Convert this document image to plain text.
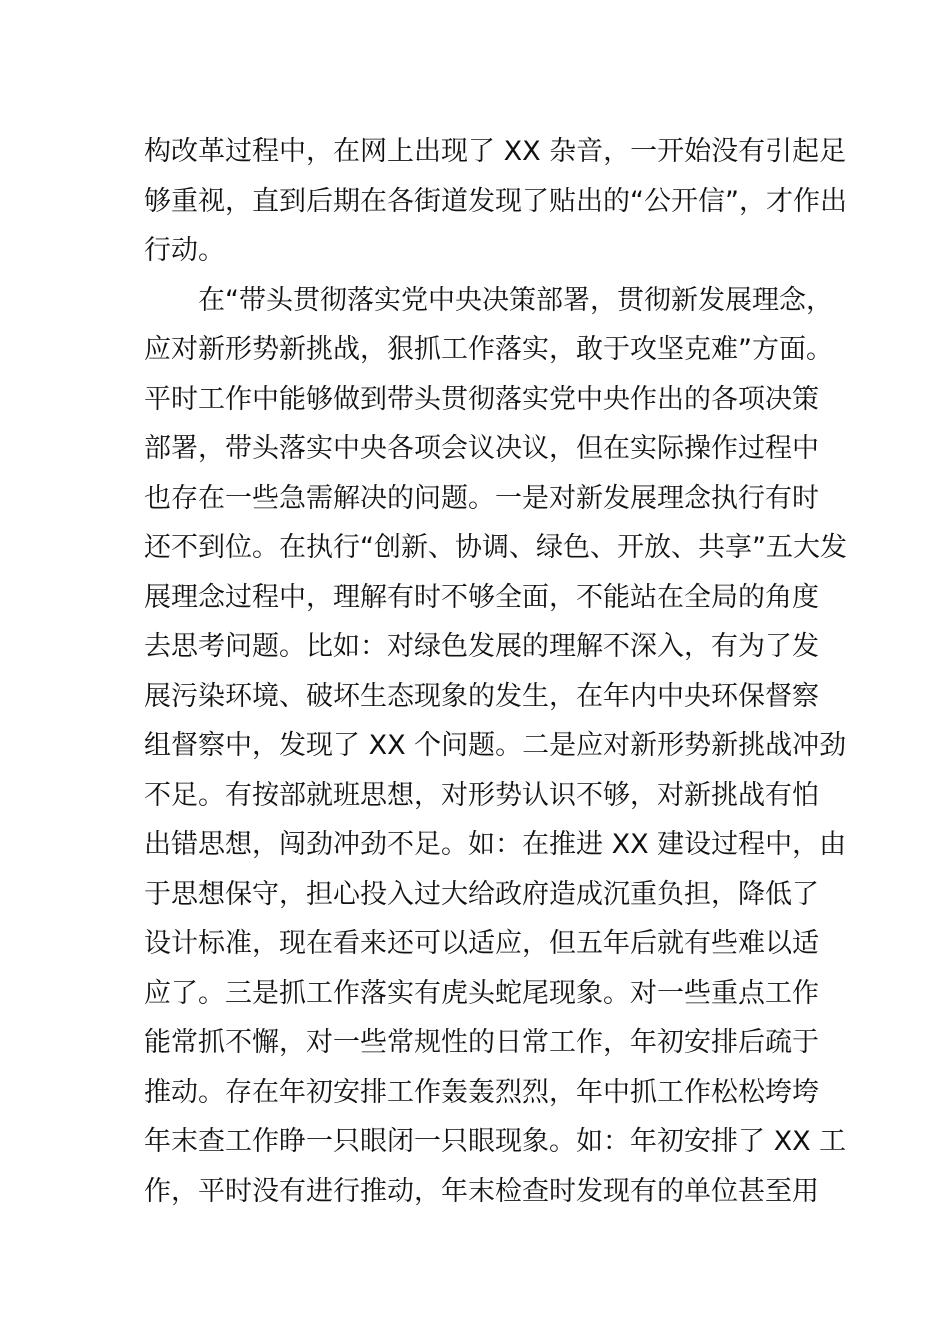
构改革过程中，在网上出现了 XX 杂音，一开始没有引起足
够重视，直到后期在各街道发现了贴出的“公开信”，才作出
行动。
在“带头贯彻落实党中央决策部署，贯彻新发展理念，
应对新形势新挑战，狠抓工作落实，敢于攻坚克难”方面。
平时工作中能够做到带头贯彻落实党中央作出的各项决策
部署，带头落实中央各项会议决议，但在实际操作过程中
也存在一些急需解决的问题。一是对新发展理念执行有时
还不到位。在执行“创新、协调、绿色、开放、共享”五大发
展理念过程中，理解有时不够全面，不能站在全局的角度
去思考问题。比如：对绿色发展的理解不深入，有为了发
展污染环境、破坏生态现象的发生，在年内中央环保督察
组督察中，发现了 XX 个问题。二是应对新形势新挑战冲劲
不足。有按部就班思想，对形势认识不够，对新挑战有怕
出错思想，闯劲冲劲不足。如：在推进 XX 建设过程中，由
于思想保守，担心投入过大给政府造成沉重负担，降低了
设计标准，现在看来还可以适应，但五年后就有些难以适
应了。三是抓工作落实有虎头蛇尾现象。对一些重点工作
能常抓不懈，对一些常规性的日常工作，年初安排后疏于
推动。存在年初安排工作轰轰烈烈，年中抓工作松松垮垮
年末查工作睁一只眼闭一只眼现象。如：年初安排了 XX 工
作，平时没有进行推动，年末检查时发现有的单位甚至用
